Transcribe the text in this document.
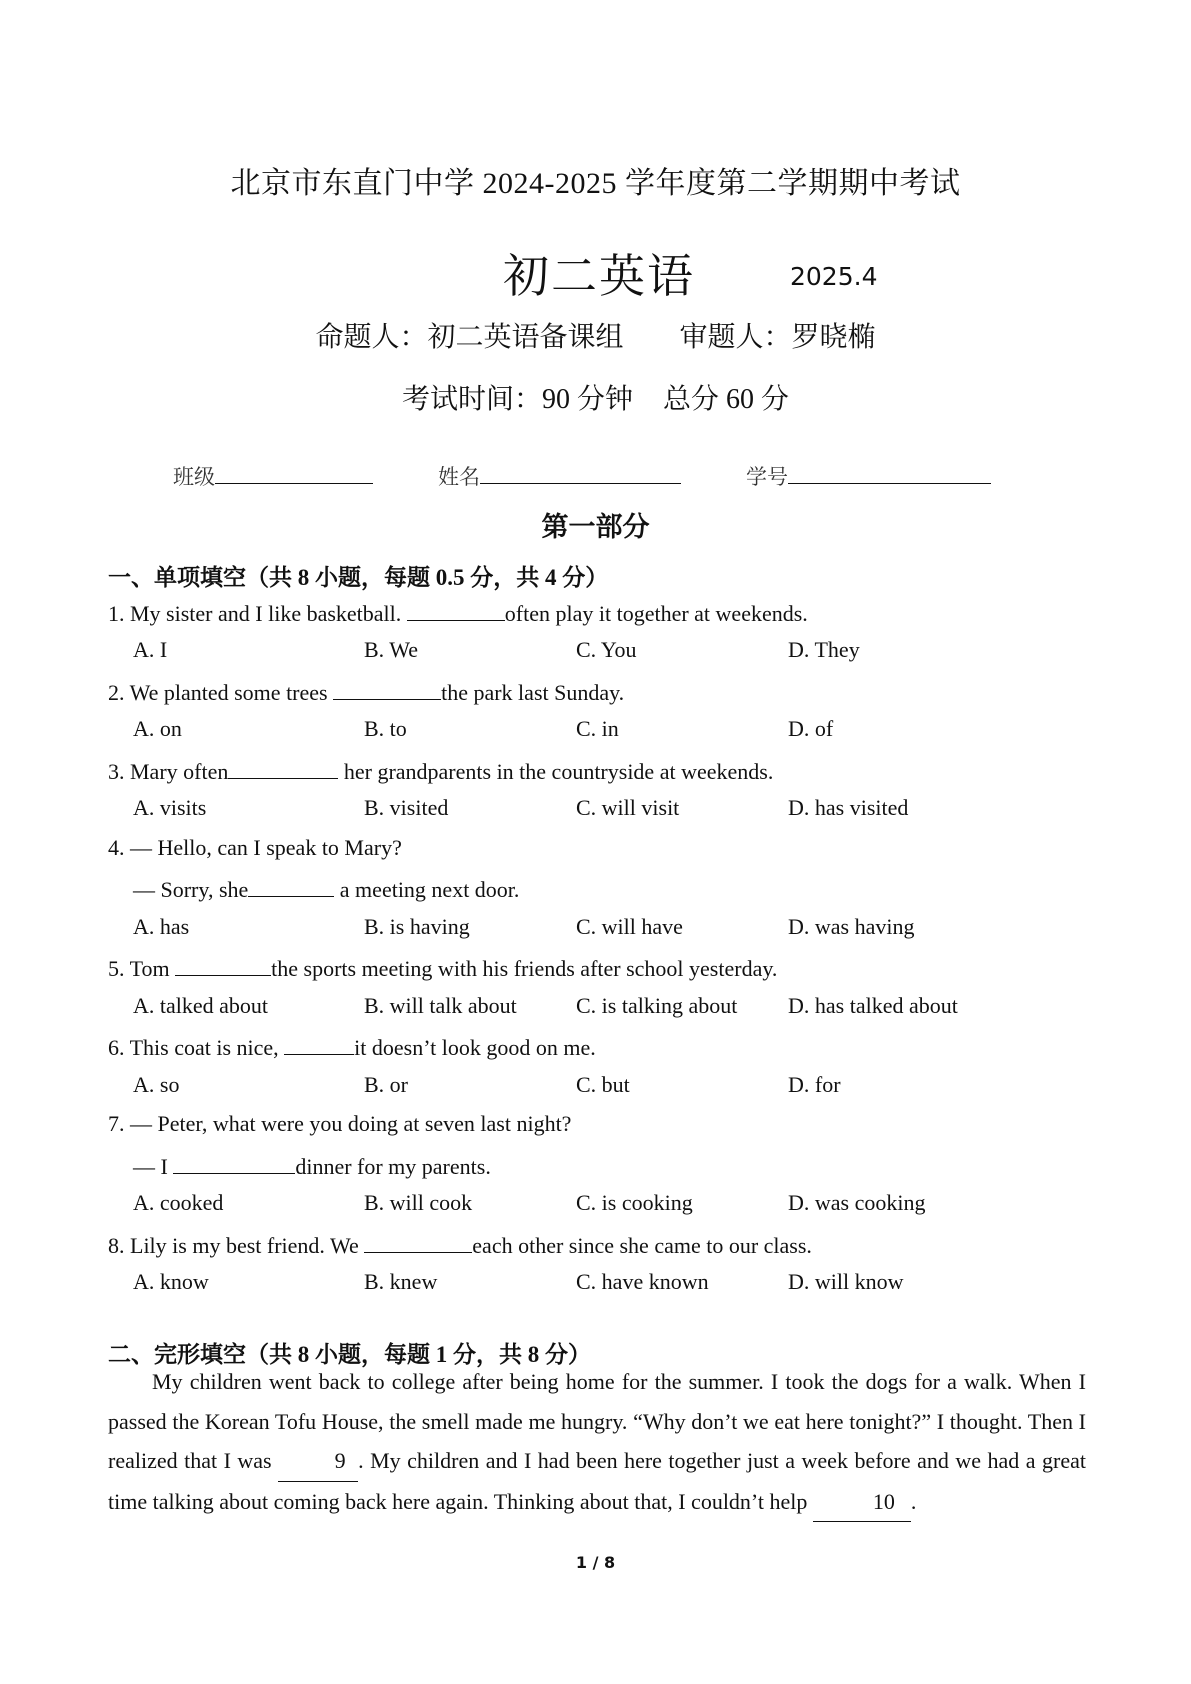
北京市东直门中学 2024-2025 学年度第二学期期中考试
初二英语	2025.4
命题人：初二英语备课组 审题人：罗晓椭
考试时间：90 分钟 总分 60 分
班级	姓名	学号
第一部分
一、单项填空（共 8 小题，每题 0.5 分，共 4 分）
1. My sister and I like basketball.	often play it together at weekends.
A. I	B. We	C. You	D. They
2. We planted some trees	the park last Sunday.
A. on	B. to	C. in	D. of
3. Mary often	her grandparents in the countryside at weekends.
A. visits	B. visited	C. will visit	D. has visited
4. — Hello, can I speak to Mary?
— Sorry, she	a meeting next door.
A. has	B. is having	C. will have	D. was having
5. Tom	the sports meeting with his friends after school yesterday.
A. talked about	B. will talk about	C. is talking about D. has talked about
6. This coat is nice,	it doesn’t look good on me.
A. so	B. or	C. but	D. for
7. — Peter, what were you doing at seven last night?
— I	dinner for my parents.
A. cooked	B. will cook	C. is cooking	D. was cooking
8. Lily is my best friend. We	each other since she came to our class.
A. know	B. knew	C. have known	D. will know
二、完形填空（共 8 小题，每题 1 分，共 8 分）

My children went back to college after being home for the summer. I took the dogs for a walk. When I passed the Korean Tofu House, the smell made me hungry. “Why don’t we eat here tonight?” I thought. Then I realized that I was	9 . My children and I had been here together just a week before and we had a great time talking about coming back here again. Thinking about that, I couldn’t help	10 .

1 / 8
